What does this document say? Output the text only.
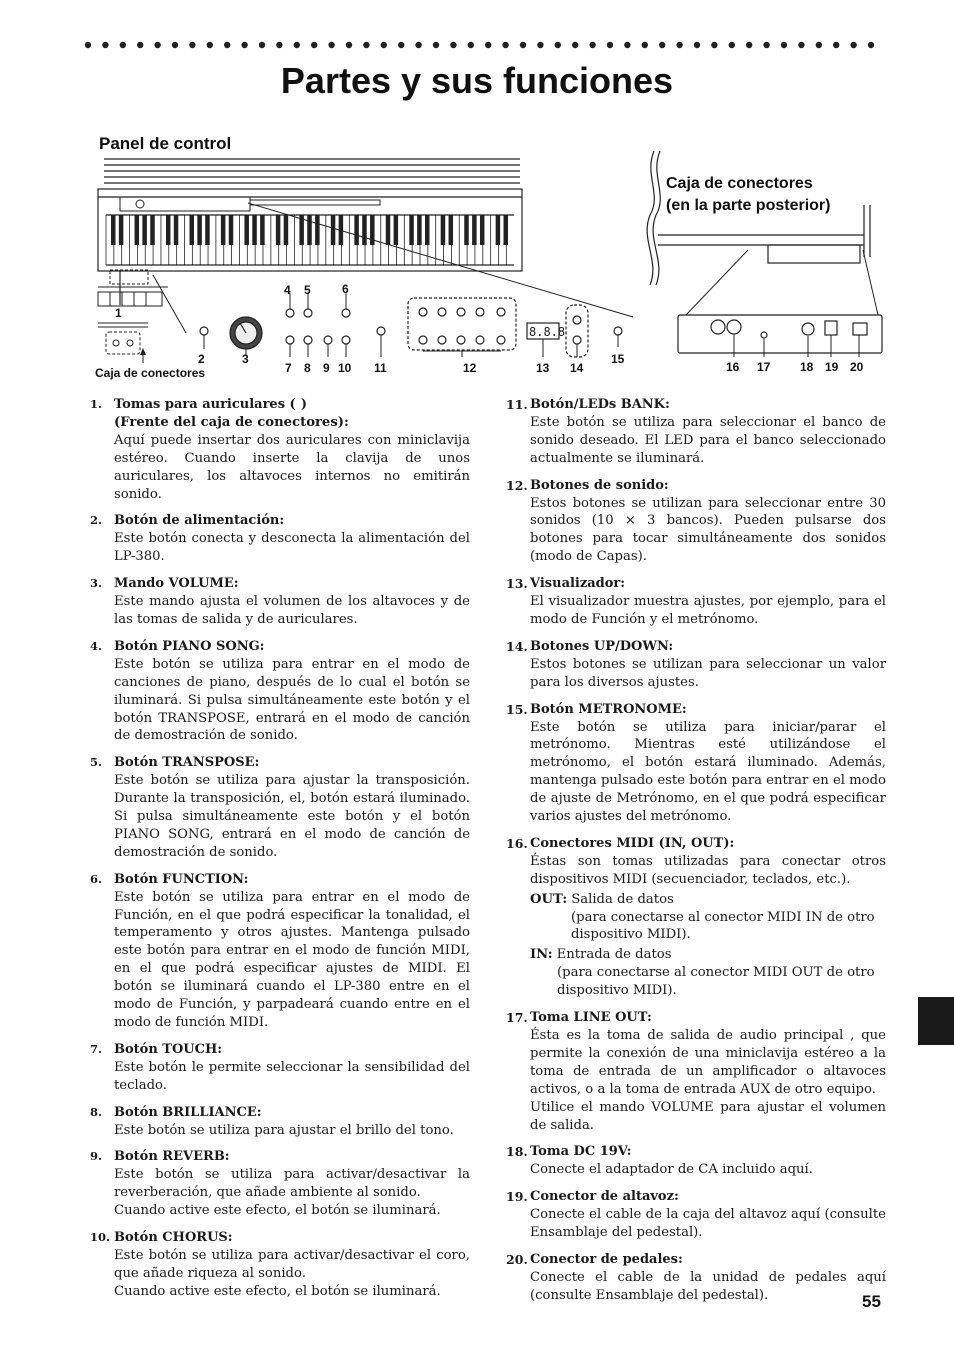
Partes y sus funciones
Panel de control
1
Caja de conectores
8.8.8
4 5	6
2	3
7 8 9 10 11	12	13 14
15
Caja de conectores
(en la parte posterior)
16 17 18 19 20
1. Tomas para auriculares (  )
(Frente del caja de conectores):

Aquí puede insertar dos auriculares con miniclavija estéreo. Cuando inserte la clavija de unos auriculares, los altavoces internos no emitirán sonido.

2. Botón de alimentación:

Este botón conecta y desconecta la alimentación del LP-380.

3. Mando VOLUME:

Este mando ajusta el volumen de los altavoces y de las tomas de salida y de auriculares.

4. Botón PIANO SONG:

Este botón se utiliza para entrar en el modo de canciones de piano, después de lo cual el botón se iluminará. Si pulsa simultáneamente este botón y el botón TRANSPOSE, entrará en el modo de canción de demostración de sonido.

5. Botón TRANSPOSE:

Este botón se utiliza para ajustar la transposición. Durante la transposición, el, botón estará iluminado. Si pulsa simultáneamente este botón y el botón PIANO SONG, entrará en el modo de canción de demostración de sonido.

6. Botón FUNCTION:

Este botón se utiliza para entrar en el modo de Función, en el que podrá especificar la tonalidad, el temperamento y otros ajustes. Mantenga pulsado este botón para entrar en el modo de función MIDI, en el que podrá especificar ajustes de MIDI. El botón se iluminará cuando el LP-380 entre en el modo de Función, y parpadeará cuando entre en el modo de función MIDI.

7. Botón TOUCH:

Este botón le permite seleccionar la sensibilidad del teclado.

8. Botón BRILLIANCE:

Este botón se utiliza para ajustar el brillo del tono.

9. Botón REVERB:

Este botón se utiliza para activar/desactivar la reverberación, que añade ambiente al sonido.

Cuando active este efecto, el botón se iluminará.

10. Botón CHORUS:

Este botón se utiliza para activar/desactivar el coro, que añade riqueza al sonido.

Cuando active este efecto, el botón se iluminará.

11. Botón/LEDs BANK:

Este botón se utiliza para seleccionar el banco de sonido deseado. El LED para el banco seleccionado actualmente se iluminará.

12. Botones de sonido:

Estos botones se utilizan para seleccionar entre 30 sonidos (10 × 3 bancos). Pueden pulsarse dos botones para tocar simultáneamente dos sonidos (modo de Capas).

13. Visualizador:

El visualizador muestra ajustes, por ejemplo, para el modo de Función y el metrónomo.

14. Botones UP/DOWN:

Estos botones se utilizan para seleccionar un valor para los diversos ajustes.

15. Botón METRONOME:

Este botón se utiliza para iniciar/parar el metrónomo. Mientras esté utilizándose el metrónomo, el botón estará iluminado. Además, mantenga pulsado este botón para entrar en el modo de ajuste de Metrónomo, en el que podrá especificar varios ajustes del metrónomo.

16. Conectores MIDI (IN, OUT):

Éstas son tomas utilizadas para conectar otros dispositivos MIDI (secuenciador, teclados, etc.).

OUT: Salida de datos
(para conectarse al conector MIDI IN de otro dispositivo MIDI).
IN: Entrada de datos
(para conectarse al conector MIDI OUT de otro dispositivo MIDI).
17. Toma LINE OUT:

Ésta es la toma de salida de audio principal , que permite la conexión de una miniclavija estéreo a la toma de entrada de un amplificador o altavoces activos, o a la toma de entrada AUX de otro equipo.

Utilice el mando VOLUME para ajustar el volumen de salida.

18. Toma DC 19V:

Conecte el adaptador de CA incluido aquí.

19. Conector de altavoz:

Conecte el cable de la caja del altavoz aquí (consulte Ensamblaje del pedestal).

20. Conector de pedales:

Conecte el cable de la unidad de pedales aquí (consulte Ensamblaje del pedestal).	55
